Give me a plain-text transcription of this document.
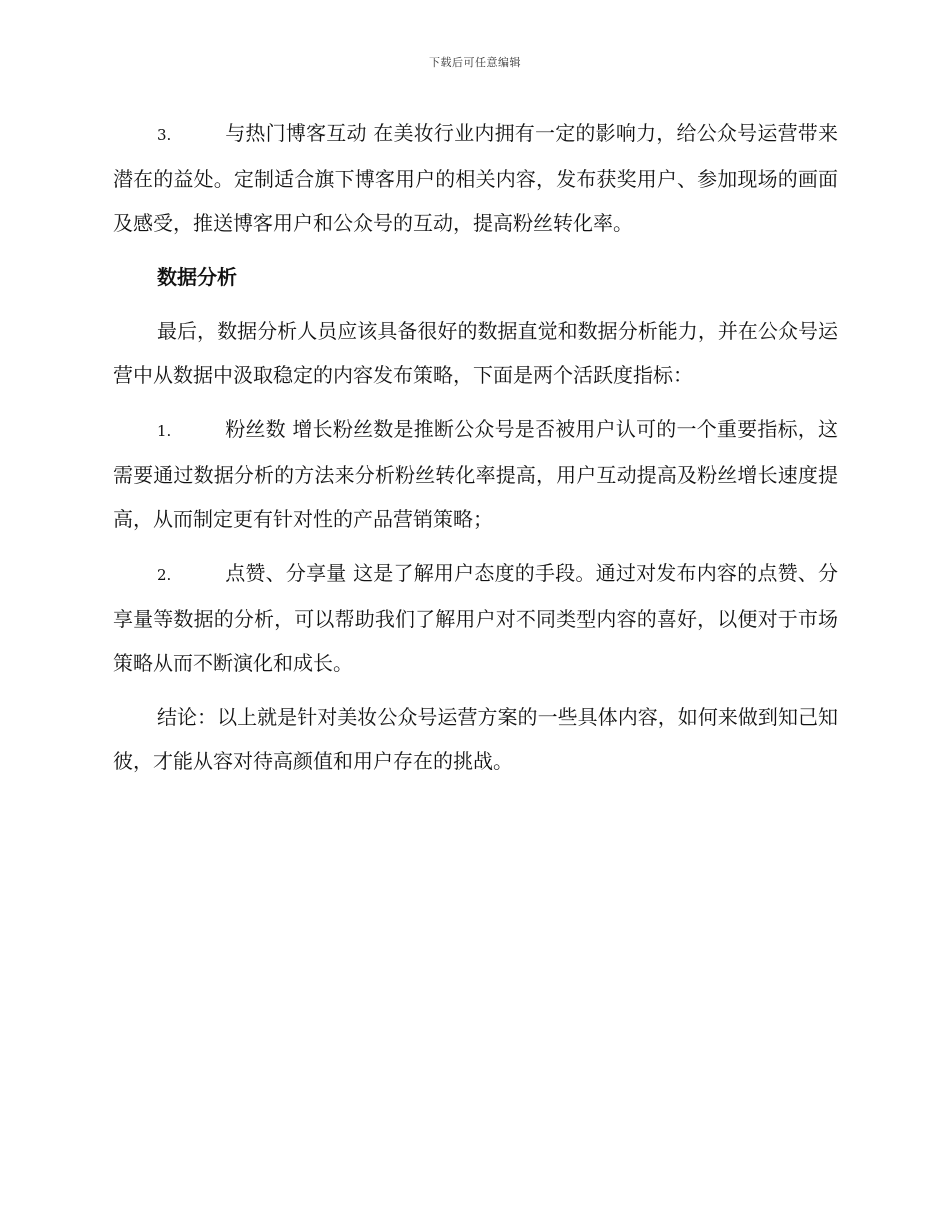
下载后可任意编辑

3.	与热门博客互动 在美妆行业内拥有一定的影响力，给公众号运营带来潜在的益处。定制适合旗下博客用户的相关内容，发布获奖用户、参加现场的画面及感受，推送博客用户和公众号的互动，提高粉丝转化率。

数据分析

最后，数据分析人员应该具备很好的数据直觉和数据分析能力，并在公众号运营中从数据中汲取稳定的内容发布策略，下面是两个活跃度指标：

1.	粉丝数 增长粉丝数是推断公众号是否被用户认可的一个重要指标，这需要通过数据分析的方法来分析粉丝转化率提高，用户互动提高及粉丝增长速度提高，从而制定更有针对性的产品营销策略；

2.	点赞、分享量 这是了解用户态度的手段。通过对发布内容的点赞、分享量等数据的分析，可以帮助我们了解用户对不同类型内容的喜好，以便对于市场策略从而不断演化和成长。

结论：以上就是针对美妆公众号运营方案的一些具体内容，如何来做到知己知彼，才能从容对待高颜值和用户存在的挑战。
